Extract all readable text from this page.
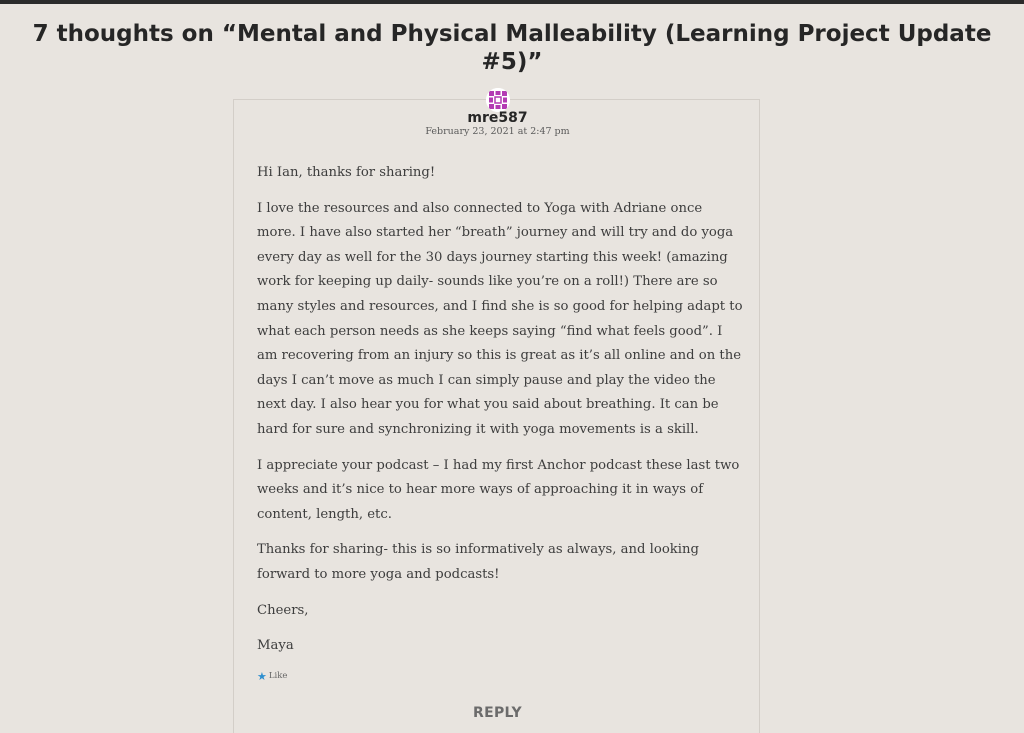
7 thoughts on “Mental and Physical Malleability (Learning Project Update #5)”
mre587
February 23, 2021 at 2:47 pm

Hi Ian, thanks for sharing!

I love the resources and also connected to Yoga with Adriane once more. I have also started her “breath” journey and will try and do yoga every day as well for the 30 days journey starting this week! (amazing work for keeping up daily- sounds like you’re on a roll!) There are so many styles and resources, and I find she is so good for helping adapt to what each person needs as she keeps saying “find what feels good”. I am recovering from an injury so this is great as it’s all online and on the days I can’t move as much I can simply pause and play the video the next day. I also hear you for what you said about breathing. It can be hard for sure and synchronizing it with yoga movements is a skill.

I appreciate your podcast – I had my first Anchor podcast these last two weeks and it’s nice to hear more ways of approaching it in ways of content, length, etc.

Thanks for sharing- this is so informatively as always, and looking forward to more yoga and podcasts!

Cheers,

Maya

★ Like
REPLY
